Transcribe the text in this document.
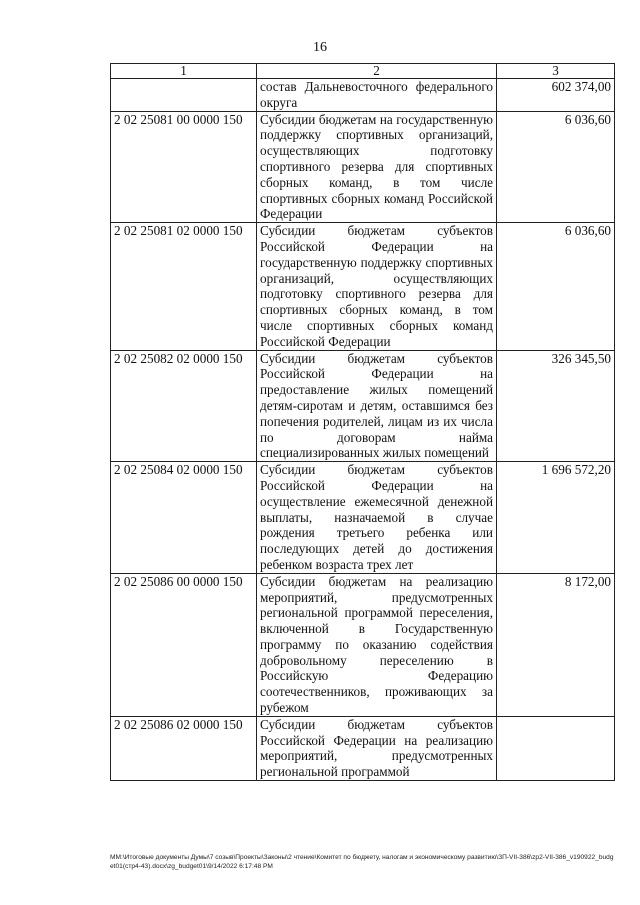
16
1	2	3
	состав Дальневосточного федерального округа	602 374,00
2 02 25081 00 0000 150	Субсидии бюджетам на государственную поддержку спортивных организаций, осуществляющих подготовку спортивного резерва для спортивных сборных команд, в том числе спортивных сборных команд Российской Федерации	6 036,60
2 02 25081 02 0000 150	Субсидии бюджетам субъектов Российской Федерации на государственную поддержку спортивных организаций, осуществляющих подготовку спортивного резерва для спортивных сборных команд, в том числе спортивных сборных команд Российской Федерации	6 036,60
2 02 25082 02 0000 150	Субсидии бюджетам субъектов Российской Федерации на предоставление жилых помещений детям-сиротам и детям, оставшимся без попечения родителей, лицам из их числа по договорам найма специализированных жилых помещений	326 345,50
2 02 25084 02 0000 150	Субсидии бюджетам субъектов Российской Федерации на осуществление ежемесячной денежной выплаты, назначаемой в случае рождения третьего ребенка или последующих детей до достижения ребенком возраста трех лет	1 696 572,20
2 02 25086 00 0000 150	Субсидии бюджетам на реализацию мероприятий, предусмотренных региональной программой переселения, включенной в Государственную программу по оказанию содействия добровольному переселению в Российскую Федерацию соотечественников, проживающих за рубежом	8 172,00
2 02 25086 02 0000 150	Субсидии бюджетам субъектов Российской Федерации на реализацию мероприятий, предусмотренных региональной программой	
ММ:\Итоговые документы Думы\7 созыв\Проекты\Законы\2 чтение\Комитет по бюджету, налогам и экономическому развитию\ЗП-VII-386\zp2-VII-386_v190922_budget01(стр4-43).docx\zg_budget01\9/14/2022 6:17:48 PM
